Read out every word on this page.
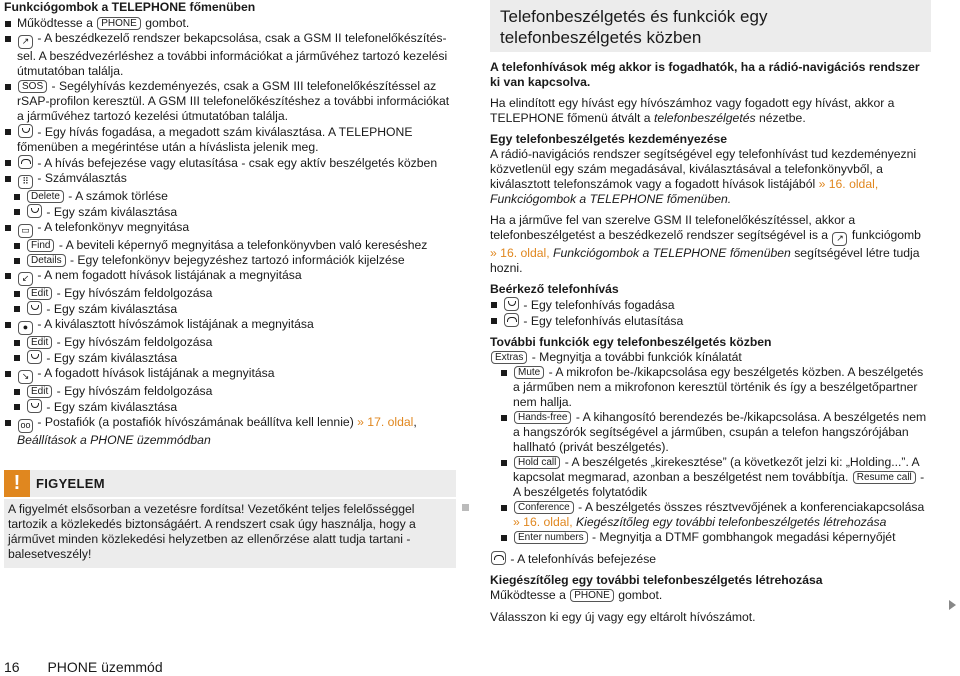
Funkciógombok a TELEPHONE főmenüben

Működtesse a PHONE gombot.

↗ - A beszédkezelő rendszer bekapcsolása, csak a GSM II telefonelőkészítés-sel. A beszédvezérléshez a további információkat a járművéhez tartozó kezelési útmutatóban találja.

SOS - Segélyhívás kezdeményezés, csak a GSM III telefonelőkészítéssel az rSAP-profilon keresztül. A GSM III telefonelőkészítéshez a további információkat a járművéhez tartozó kezelési útmutatóban találja.

- Egy hívás fogadása, a megadott szám kiválasztása. A TELEPHONE főmenüben a megérintése után a híváslista jelenik meg.

- A hívás befejezése vagy elutasítása - csak egy aktív beszélgetés közben

⠿ - Számválasztás

Delete - A számok törlése

- Egy szám kiválasztása

▭ - A telefonkönyv megnyitása

Find - A beviteli képernyő megnyitása a telefonkönyvben való kereséshez

Details - Egy telefonkönyv bejegyzéshez tartozó információk kijelzése

↙ - A nem fogadott hívások listájának a megnyitása

Edit - Egy hívószám feldolgozása

- Egy szám kiválasztása

● - A kiválasztott hívószámok listájának a megnyitása

Edit - Egy hívószám feldolgozása

- Egy szám kiválasztása

↘ - A fogadott hívások listájának a megnyitása

Edit - Egy hívószám feldolgozása

- Egy szám kiválasztása

oo - Postafiók (a postafiók hívószámának beállítva kell lennie) » 17. oldal, Beállítások a PHONE üzemmódban

!	FIGYELEM
A figyelmét elsősorban a vezetésre fordítsa! Vezetőként teljes felelősséggel tartozik a közlekedés biztonságáért. A rendszert csak úgy használja, hogy a járművet minden közlekedési helyzetben az ellenőrzése alatt tudja tartani - balesetveszély!
Telefonbeszélgetés és funkciók egy telefonbeszélgetés közben

A telefonhívások még akkor is fogadhatók, ha a rádió-navigációs rendszer ki van kapcsolva.

Ha elindított egy hívást egy hívószámhoz vagy fogadott egy hívást, akkor a TELEPHONE főmenü átvált a telefonbeszélgetés nézetbe.

Egy telefonbeszélgetés kezdeményezése

A rádió-navigációs rendszer segítségével egy telefonhívást tud kezdeményezni közvetlenül egy szám megadásával, kiválasztásával a telefonkönyvből, a kiválasztott telefonszámok vagy a fogadott hívások listájából » 16. oldal, Funkciógombok a TELEPHONE főmenüben.

Ha a járműve fel van szerelve GSM II telefonelőkészítéssel, akkor a telefonbeszélgetést a beszédkezelő rendszer segítségével is a ↗ funkciógomb » 16. oldal, Funkciógombok a TELEPHONE főmenüben segítségével létre tudja hozni.

Beérkező telefonhívás

- Egy telefonhívás fogadása

- Egy telefonhívás elutasítása

További funkciók egy telefonbeszélgetés közben

Extras - Megnyitja a további funkciók kínálatát

Mute - A mikrofon be-/kikapcsolása egy beszélgetés közben. A beszélgetés a járműben nem a mikrofonon keresztül történik és így a beszélgetőpartner nem hallja.

Hands-free - A kihangosító berendezés be-/kikapcsolása. A beszélgetés nem a hangszórók segítségével a járműben, csupán a telefon hangszórójában hallható (privát beszélgetés).

Hold call - A beszélgetés „kirekesztése” (a következőt jelzi ki: „Holding...”. A kapcsolat megmarad, azonban a beszélgetést nem továbbítja. Resume call - A beszélgetés folytatódik

Conference - A beszélgetés összes résztvevőjének a konferenciakapcsolása » 16. oldal, Kiegészítőleg egy további telefonbeszélgetés létrehozása

Enter numbers - Megnyitja a DTMF gombhangok megadási képernyőjét

- A telefonhívás befejezése

Kiegészítőleg egy további telefonbeszélgetés létrehozása

Működtesse a PHONE gombot.

Válasszon ki egy új vagy egy eltárolt hívószámot.

16 PHONE üzemmód
